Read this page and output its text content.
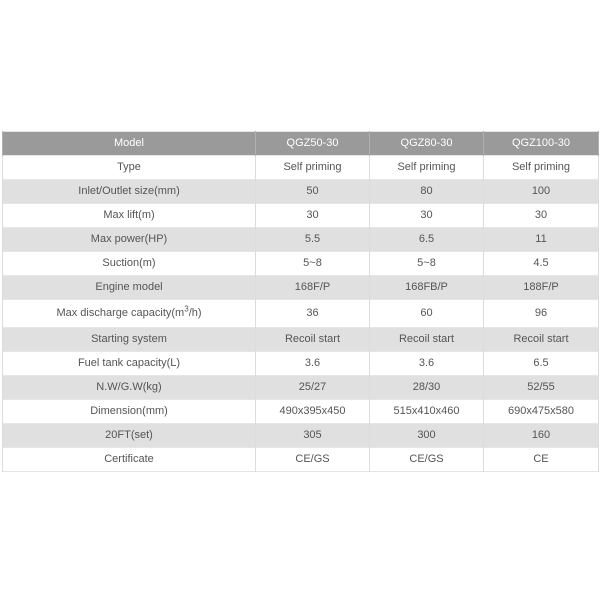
Model	QGZ50-30	QGZ80-30	QGZ100-30
Type	Self priming	Self priming	Self priming
Inlet/Outlet size(mm)	50	80	100
Max lift(m)	30	30	30
Max power(HP)	5.5	6.5	11
Suction(m)	5~8	5~8	4.5
Engine model	168F/P	168FB/P	188F/P
Max discharge $capacity(m^3/h)$	36	60	96
Starting system	Recoil start	Recoil start	Recoil start
Fuel tank capacity(L)	3.6	3.6	6.5
N.W/G.W(kg)	25/27	28/30	52/55
Dimension(mm)	490x395x450	515x410x460	690x475x580
20FT(set)	305	300	160
Certificate	CE/GS	CE/GS	CE
